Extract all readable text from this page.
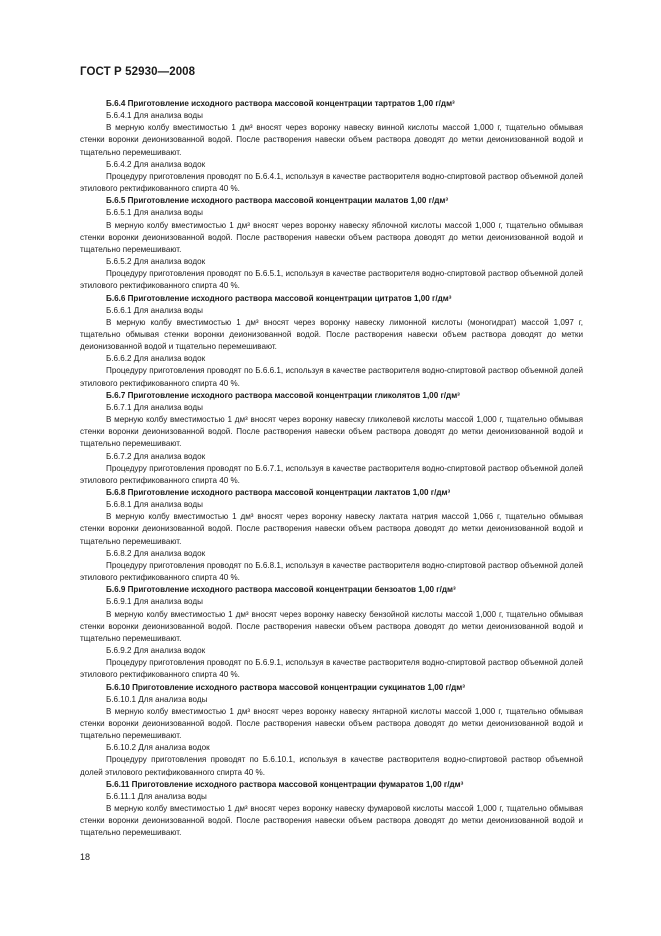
ГОСТ Р 52930—2008

Б.6.4 Приготовление исходного раствора массовой концентрации тартратов 1,00 г/дм³

Б.6.4.1 Для анализа воды

В мерную колбу вместимостью 1 дм³ вносят через воронку навеску винной кислоты массой 1,000 г, тщательно обмывая стенки воронки деионизованной водой. После растворения навески объем раствора доводят до метки деионизованной водой и тщательно перемешивают.

Б.6.4.2 Для анализа водок

Процедуру приготовления проводят по Б.6.4.1, используя в качестве растворителя водно-спиртовой раствор объемной долей этилового ректификованного спирта 40 %.

Б.6.5 Приготовление исходного раствора массовой концентрации малатов 1,00 г/дм³

Б.6.5.1 Для анализа воды

В мерную колбу вместимостью 1 дм³ вносят через воронку навеску яблочной кислоты массой 1,000 г, тщательно обмывая стенки воронки деионизованной водой. После растворения навески объем раствора доводят до метки деионизованной водой и тщательно перемешивают.

Б.6.5.2 Для анализа водок

Процедуру приготовления проводят по Б.6.5.1, используя в качестве растворителя водно-спиртовой раствор объемной долей этилового ректификованного спирта 40 %.

Б.6.6 Приготовление исходного раствора массовой концентрации цитратов 1,00 г/дм³

Б.6.6.1 Для анализа воды

В мерную колбу вместимостью 1 дм³ вносят через воронку навеску лимонной кислоты (моногидрат) массой 1,097 г, тщательно обмывая стенки воронки деионизованной водой. После растворения навески объем раствора доводят до метки деионизованной водой и тщательно перемешивают.

Б.6.6.2 Для анализа водок

Процедуру приготовления проводят по Б.6.6.1, используя в качестве растворителя водно-спиртовой раствор объемной долей этилового ректификованного спирта 40 %.

Б.6.7 Приготовление исходного раствора массовой концентрации гликолятов 1,00 г/дм³

Б.6.7.1 Для анализа воды

В мерную колбу вместимостью 1 дм³ вносят через воронку навеску гликолевой кислоты массой 1,000 г, тщательно обмывая стенки воронки деионизованной водой. После растворения навески объем раствора доводят до метки деионизованной водой и тщательно перемешивают.

Б.6.7.2 Для анализа водок

Процедуру приготовления проводят по Б.6.7.1, используя в качестве растворителя водно-спиртовой раствор объемной долей этилового ректификованного спирта 40 %.

Б.6.8 Приготовление исходного раствора массовой концентрации лактатов 1,00 г/дм³

Б.6.8.1 Для анализа воды

В мерную колбу вместимостью 1 дм³ вносят через воронку навеску лактата натрия массой 1,066 г, тщательно обмывая стенки воронки деионизованной водой. После растворения навески объем раствора доводят до метки деионизованной водой и тщательно перемешивают.

Б.6.8.2 Для анализа водок

Процедуру приготовления проводят по Б.6.8.1, используя в качестве растворителя водно-спиртовой раствор объемной долей этилового ректификованного спирта 40 %.

Б.6.9 Приготовление исходного раствора массовой концентрации бензоатов 1,00 г/дм³

Б.6.9.1 Для анализа воды

В мерную колбу вместимостью 1 дм³ вносят через воронку навеску бензойной кислоты массой 1,000 г, тщательно обмывая стенки воронки деионизованной водой. После растворения навески объем раствора доводят до метки деионизованной водой и тщательно перемешивают.

Б.6.9.2 Для анализа водок

Процедуру приготовления проводят по Б.6.9.1, используя в качестве растворителя водно-спиртовой раствор объемной долей этилового ректификованного спирта 40 %.

Б.6.10 Приготовление исходного раствора массовой концентрации сукцинатов 1,00 г/дм³

Б.6.10.1 Для анализа воды

В мерную колбу вместимостью 1 дм³ вносят через воронку навеску янтарной кислоты массой 1,000 г, тщательно обмывая стенки воронки деионизованной водой. После растворения навески объем раствора доводят до метки деионизованной водой и тщательно перемешивают.

Б.6.10.2 Для анализа водок

Процедуру приготовления проводят по Б.6.10.1, используя в качестве растворителя водно-спиртовой раствор объемной долей этилового ректификованного спирта 40 %.

Б.6.11 Приготовление исходного раствора массовой концентрации фумаратов 1,00 г/дм³

Б.6.11.1 Для анализа воды

В мерную колбу вместимостью 1 дм³ вносят через воронку навеску фумаровой кислоты массой 1,000 г, тщательно обмывая стенки воронки деионизованной водой. После растворения навески объем раствора доводят до метки деионизованной водой и тщательно перемешивают.

18
